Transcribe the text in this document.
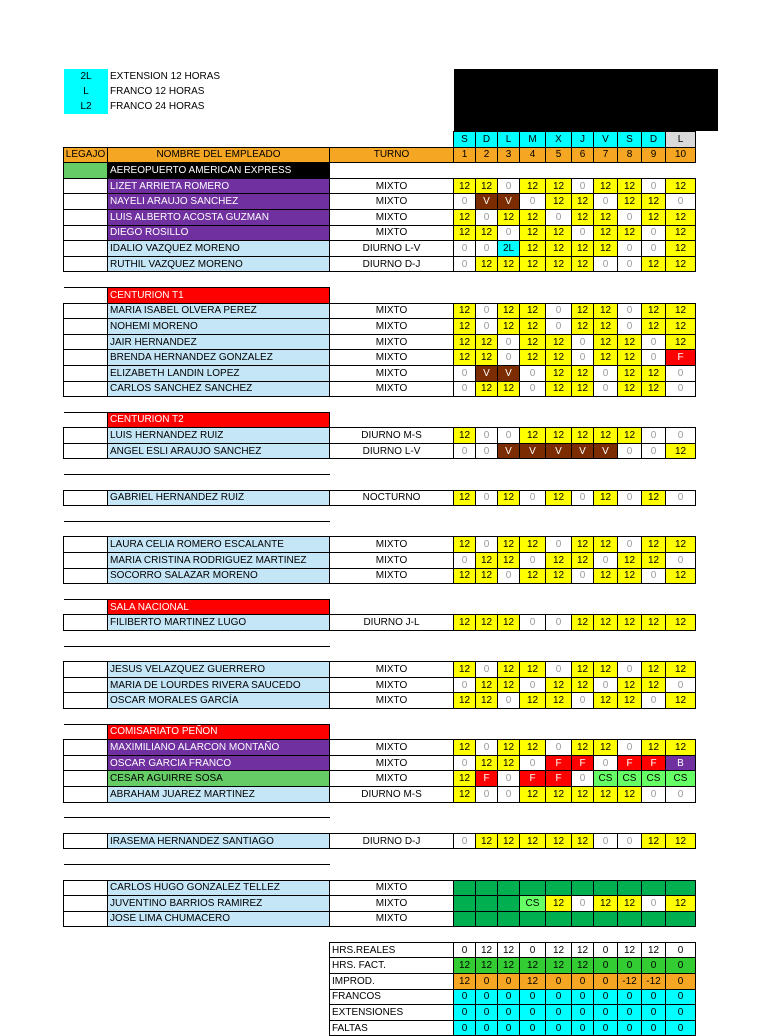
2L	EXTENSION 12 HORAS
L	FRANCO 12 HORAS
L2	FRANCO 24 HORAS
			S	D	L	M	X	J	V	S	D	L
LEGAJO	NOMBRE DEL EMPLEADO	TURNO	1	2	3	4	5	6	7	8	9	10
	AEREOPUERTO AMERICAN EXPRESS											
	LIZET ARRIETA ROMERO	MIXTO	12	12	0	12	12	0	12	12	0	12
	NAYELI ARAUJO SANCHEZ	MIXTO	0	V	V	0	12	12	0	12	12	0
	LUIS ALBERTO ACOSTA GUZMAN	MIXTO	12	0	12	12	0	12	12	0	12	12
	DIEGO ROSILLO	MIXTO	12	12	0	12	12	0	12	12	0	12
	IDALIO VAZQUEZ MORENO	DIURNO L-V	0	0	2L	12	12	12	12	0	0	12
	RUTHIL VAZQUEZ MORENO	DIURNO D-J	0	12	12	12	12	12	0	0	12	12

	CENTURION T1											
	MARIA ISABEL OLVERA PEREZ	MIXTO	12	0	12	12	0	12	12	0	12	12
	NOHEMI MORENO	MIXTO	12	0	12	12	0	12	12	0	12	12
	JAIR HERNANDEZ	MIXTO	12	12	0	12	12	0	12	12	0	12
	BRENDA HERNANDEZ GONZALEZ	MIXTO	12	12	0	12	12	0	12	12	0	F
	ELIZABETH LANDIN LOPEZ	MIXTO	0	V	V	0	12	12	0	12	12	0
	CARLOS SANCHEZ SANCHEZ	MIXTO	0	12	12	0	12	12	0	12	12	0

	CENTURION T2											
	LUIS HERNANDEZ RUIZ	DIURNO M-S	12	0	0	12	12	12	12	12	0	0
	ANGEL ESLI ARAUJO SANCHEZ	DIURNO L-V	0	0	V	V	V	V	V	0	0	12

	GABRIEL HERNANDEZ RUIZ	NOCTURNO	12	0	12	0	12	0	12	0	12	0

	LAURA CELIA ROMERO ESCALANTE	MIXTO	12	0	12	12	0	12	12	0	12	12
	MARIA CRISTINA RODRIGUEZ MARTINEZ	MIXTO	0	12	12	0	12	12	0	12	12	0
	SOCORRO SALAZAR MORENO	MIXTO	12	12	0	12	12	0	12	12	0	12

	SALA NACIONAL											
	FILIBERTO MARTINEZ LUGO	DIURNO J-L	12	12	12	0	0	12	12	12	12	12

	JESUS VELAZQUEZ GUERRERO	MIXTO	12	0	12	12	0	12	12	0	12	12
	MARIA DE LOURDES RIVERA SAUCEDO	MIXTO	0	12	12	0	12	12	0	12	12	0
	OSCAR MORALES GARCÍA	MIXTO	12	12	0	12	12	0	12	12	0	12

	COMISARIATO PEÑON											
	MAXIMILIANO ALARCON MONTAÑO	MIXTO	12	0	12	12	0	12	12	0	12	12
	OSCAR GARCIA FRANCO	MIXTO	0	12	12	0	F	F	0	F	F	B
	CESAR AGUIRRE SOSA	MIXTO	12	F	0	F	F	0	CS	CS	CS	CS
	ABRAHAM JUAREZ MARTINEZ	DIURNO M-S	12	0	0	12	12	12	12	12	0	0

	IRASEMA HERNANDEZ SANTIAGO	DIURNO D-J	0	12	12	12	12	12	0	0	12	12

	CARLOS HUGO GONZALEZ TELLEZ	MIXTO										
	JUVENTINO BARRIOS RAMIREZ	MIXTO				CS	12	0	12	12	0	12
	JOSE LIMA CHUMACERO	MIXTO										

		HRS.REALES	0	12	12	0	12	12	0	12	12	0
		HRS. FACT.	12	12	12	12	12	12	0	0	0	0
		IMPROD.	12	0	0	12	0	0	0	-12	-12	0
		FRANCOS	0	0	0	0	0	0	0	0	0	0
		EXTENSIONES	0	0	0	0	0	0	0	0	0	0
		FALTAS	0	0	0	0	0	0	0	0	0	0
